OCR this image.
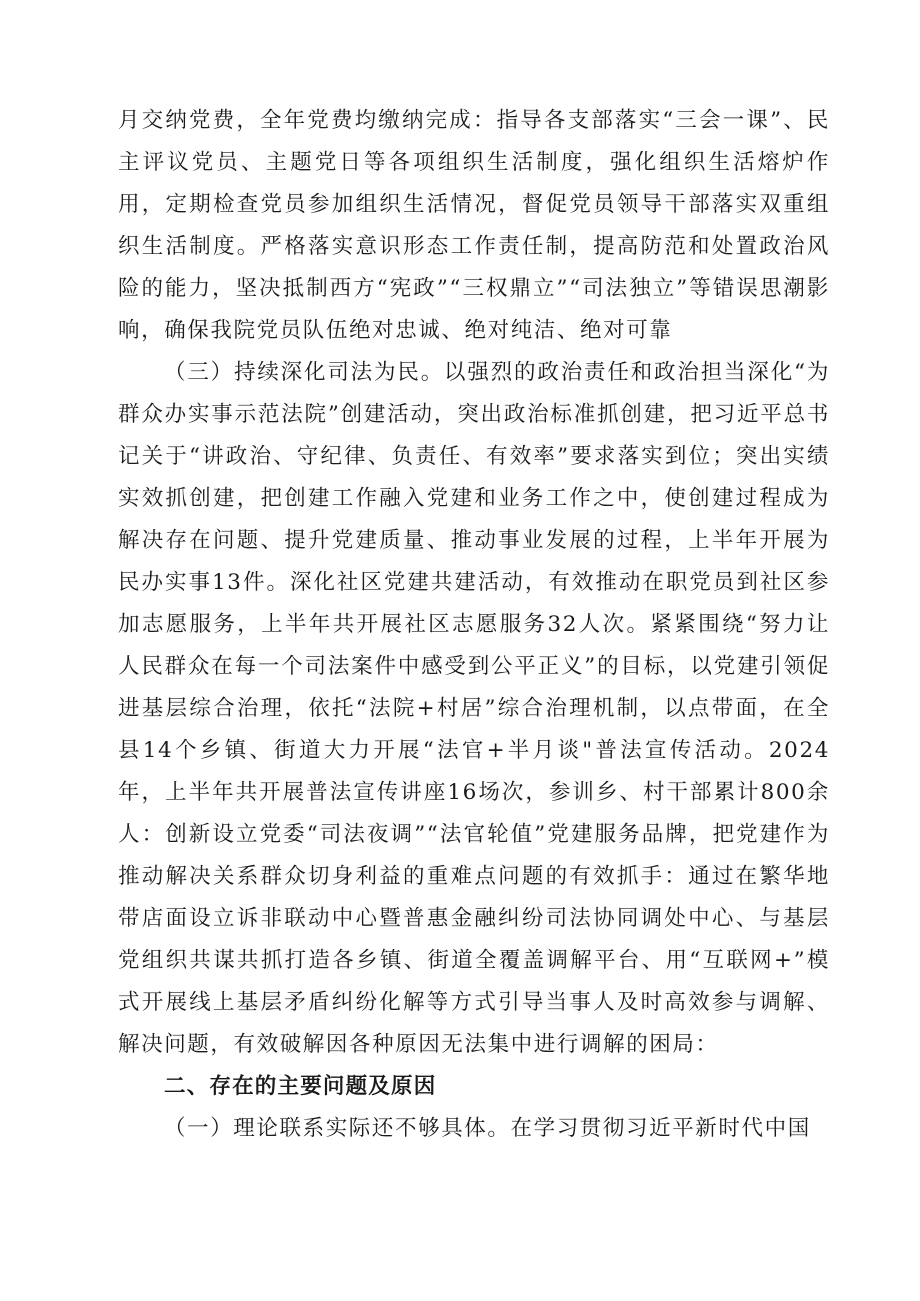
月交纳党费，全年党费均缴纳完成：指导各支部落实“三会一课”、民主评议党员、主题党日等各项组织生活制度，强化组织生活熔炉作用，定期检查党员参加组织生活情况，督促党员领导干部落实双重组织生活制度。严格落实意识形态工作责任制，提高防范和处置政治风险的能力，坚决抵制西方“宪政”“三权鼎立”“司法独立”等错误思潮影响，确保我院党员队伍绝对忠诚、绝对纯洁、绝对可靠

（三）持续深化司法为民。以强烈的政治责任和政治担当深化“为群众办实事示范法院”创建活动，突出政治标准抓创建，把习近平总书记关于“讲政治、守纪律、负责任、有效率”要求落实到位；突出实绩实效抓创建，把创建工作融入党建和业务工作之中，使创建过程成为解决存在问题、提升党建质量、推动事业发展的过程，上半年开展为民办实事13件。深化社区党建共建活动，有效推动在职党员到社区参加志愿服务，上半年共开展社区志愿服务32人次。紧紧围绕“努力让人民群众在每一个司法案件中感受到公平正义”的目标，以党建引领促进基层综合治理，依托“法院+村居”综合治理机制，以点带面，在全县14个乡镇、街道大力开展“法官+半月谈"普法宣传活动。2024年，上半年共开展普法宣传讲座16场次，参训乡、村干部累计800余人：创新设立党委“司法夜调”“法官轮值”党建服务品牌，把党建作为推动解决关系群众切身利益的重难点问题的有效抓手：通过在繁华地带店面设立诉非联动中心暨普惠金融纠纷司法协同调处中心、与基层党组织共谋共抓打造各乡镇、街道全覆盖调解平台、用“互联网+”模式开展线上基层矛盾纠纷化解等方式引导当事人及时高效参与调解、解决问题，有效破解因各种原因无法集中进行调解的困局：

二、存在的主要问题及原因

（一）理论联系实际还不够具体。在学习贯彻习近平新时代中国
